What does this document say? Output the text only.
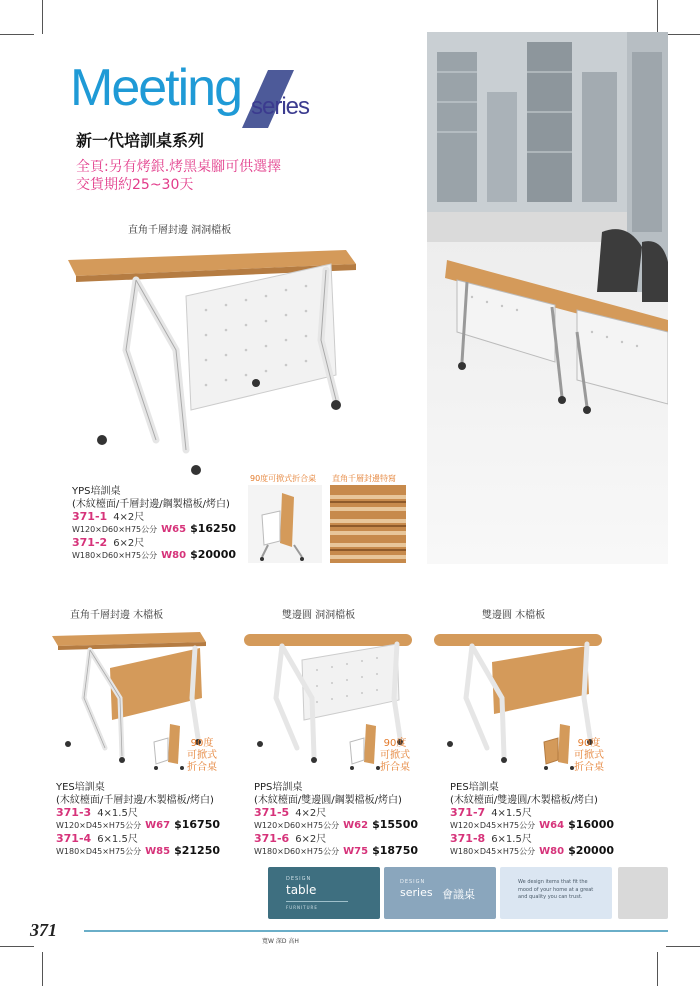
Meeting series
新一代培訓桌系列
全頁:另有烤銀.烤黑桌腳可供選擇
交貨期約25~30天
直角千層封邊 洞洞檔板
90度可掀式折合桌 直角千層封邊特寫
YPS培訓桌
(木紋檯面/千層封邊/鋼製檔板/烤白)
371-1 4×2尺
W120×D60×H75公分 W65 $16250
371-2 6×2尺
W180×D60×H75公分 W80 $20000
直角千層封邊 木檔板
90度
可掀式
折合桌
YES培訓桌
(木紋檯面/千層封邊/木製檔板/烤白)
371-3 4×1.5尺
W120×D45×H75公分 W67 $16750
371-4 6×1.5尺
W180×D45×H75公分 W85 $21250
雙邊圓 洞洞檔板
90度
可掀式
折合桌
PPS培訓桌
(木紋檯面/雙邊圓/鋼製檔板/烤白)
371-5 4×2尺
W120×D60×H75公分 W62 $15500
371-6 6×2尺
W180×D60×H75公分 W75 $18750
雙邊圓 木檔板
90度
可掀式
折合桌
PES培訓桌
(木紋檯面/雙邊圓/木製檔板/烤白)
371-7 4×1.5尺
W120×D45×H75公分 W64 $16000
371-8 6×1.5尺
W180×D45×H75公分 W80 $20000
DESIGN
table
FURNITURE
DESIGN
series 會議桌
We design items that fit the mood of your home at a great and quality you can trust.
371
寬W 深D 高H
